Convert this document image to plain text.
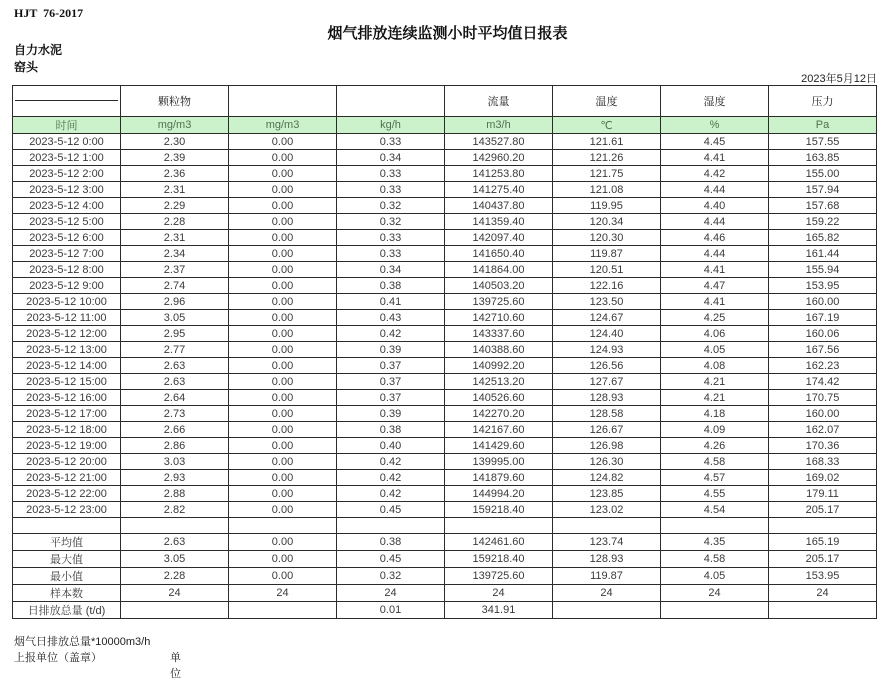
HJT  76-2017
烟气排放连续监测小时平均值日报表
自力水泥
窑头
2023年5月12日
	颗粒物			流量	温度	湿度	压力
时间	mg/m3	mg/m3	kg/h	m3/h	℃	%	Pa
2023-5-12 0:00	2.30	0.00	0.33	143527.80	121.61	4.45	157.55
2023-5-12 1:00	2.39	0.00	0.34	142960.20	121.26	4.41	163.85
2023-5-12 2:00	2.36	0.00	0.33	141253.80	121.75	4.42	155.00
2023-5-12 3:00	2.31	0.00	0.33	141275.40	121.08	4.44	157.94
2023-5-12 4:00	2.29	0.00	0.32	140437.80	119.95	4.40	157.68
2023-5-12 5:00	2.28	0.00	0.32	141359.40	120.34	4.44	159.22
2023-5-12 6:00	2.31	0.00	0.33	142097.40	120.30	4.46	165.82
2023-5-12 7:00	2.34	0.00	0.33	141650.40	119.87	4.44	161.44
2023-5-12 8:00	2.37	0.00	0.34	141864.00	120.51	4.41	155.94
2023-5-12 9:00	2.74	0.00	0.38	140503.20	122.16	4.47	153.95
2023-5-12 10:00	2.96	0.00	0.41	139725.60	123.50	4.41	160.00
2023-5-12 11:00	3.05	0.00	0.43	142710.60	124.67	4.25	167.19
2023-5-12 12:00	2.95	0.00	0.42	143337.60	124.40	4.06	160.06
2023-5-12 13:00	2.77	0.00	0.39	140388.60	124.93	4.05	167.56
2023-5-12 14:00	2.63	0.00	0.37	140992.20	126.56	4.08	162.23
2023-5-12 15:00	2.63	0.00	0.37	142513.20	127.67	4.21	174.42
2023-5-12 16:00	2.64	0.00	0.37	140526.60	128.93	4.21	170.75
2023-5-12 17:00	2.73	0.00	0.39	142270.20	128.58	4.18	160.00
2023-5-12 18:00	2.66	0.00	0.38	142167.60	126.67	4.09	162.07
2023-5-12 19:00	2.86	0.00	0.40	141429.60	126.98	4.26	170.36
2023-5-12 20:00	3.03	0.00	0.42	139995.00	126.30	4.58	168.33
2023-5-12 21:00	2.93	0.00	0.42	141879.60	124.82	4.57	169.02
2023-5-12 22:00	2.88	0.00	0.42	144994.20	123.85	4.55	179.11
2023-5-12 23:00	2.82	0.00	0.45	159218.40	123.02	4.54	205.17

平均值	2.63	0.00	0.38	142461.60	123.74	4.35	165.19
最大值	3.05	0.00	0.45	159218.40	128.93	4.58	205.17
最小值	2.28	0.00	0.32	139725.60	119.87	4.05	153.95
样本数	24	24	24	24	24	24	24
日排放总量 (t/d)			0.01	341.91			
烟气日排放总量*10000m3/h
上报单位（盖章）	单位
